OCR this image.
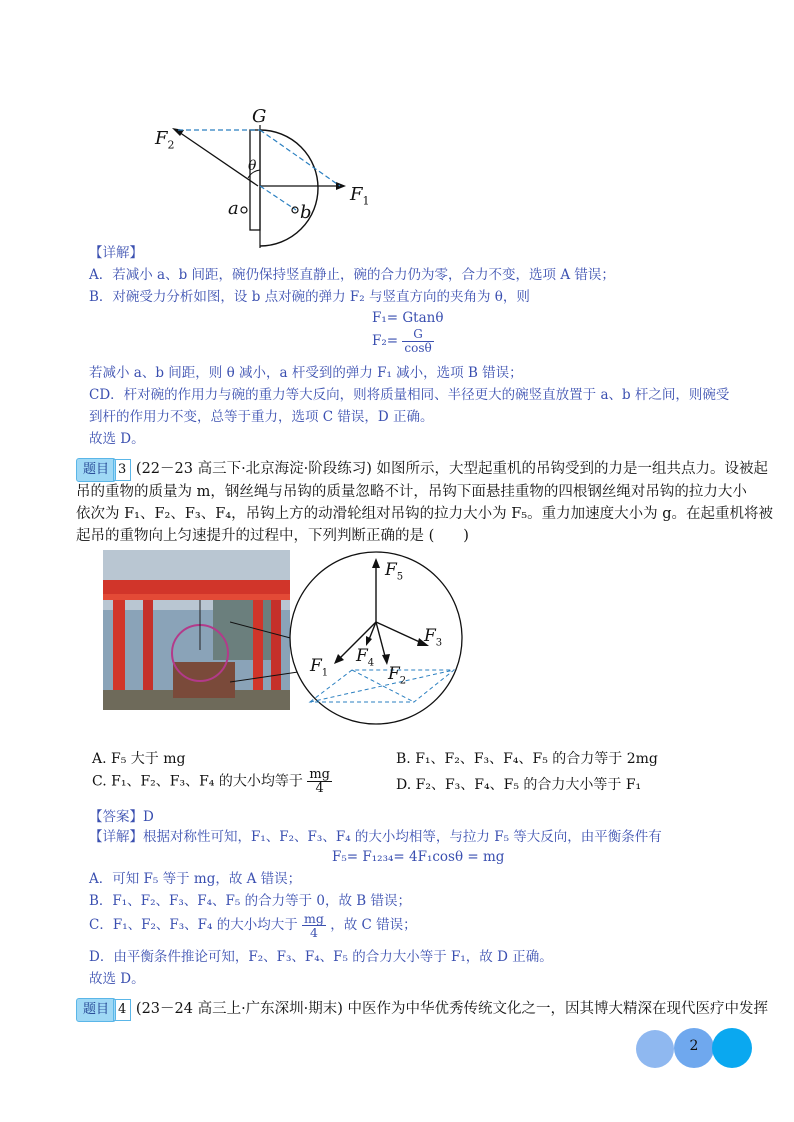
G
$F_2$
$F_1$
θ
a	b
【详解】
A．若减小 a、b 间距，碗仍保持竖直静止，碗的合力仍为零，合力不变，选项 A 错误；
B．对碗受力分析如图，设 b 点对碗的弹力 F₂ 与竖直方向的夹角为 θ，则
F₁= Gtanθ
$F_2= \frac{G}{\cos\theta}$
若减小 a、b 间距，则 θ 减小，a 杆受到的弹力 F₁ 减小，选项 B 错误；
CD．杆对碗的作用力与碗的重力等大反向，则将质量相同、半径更大的碗竖直放置于 a、b 杆之间，则碗受
到杆的作用力不变，总等于重力，选项 C 错误，D 正确。
故选 D。
题目 3 (22－23 高三下·北京海淀·阶段练习) 如图所示，大型起重机的吊钩受到的力是一组共点力。设被起
吊的重物的质量为 m，钢丝绳与吊钩的质量忽略不计，吊钩下面悬挂重物的四根钢丝绳对吊钩的拉力大小
依次为 F₁、F₂、F₃、F₄，吊钩上方的动滑轮组对吊钩的拉力大小为 F₅。重力加速度大小为 g。在起重机将被
起吊的重物向上匀速提升的过程中，下列判断正确的是 (　　)
$F_5$
$F_3$
$F_4$
$F_1$	$F_2$
A. F₅ 大于 mg	B. F₁、F₂、F₃、F₄、F₅ 的合力等于 2mg
C. F₁、F₂、F₃、F₄ 的大小均等于 $\frac{mg}{4}$	D. F₂、F₃、F₄、F₅ 的合力大小等于 F₁
【答案】D
【详解】根据对称性可知，F₁、F₂、F₃、F₄ 的大小均相等，与拉力 F₅ 等大反向，由平衡条件有
F₅= F₁₂₃₄= 4F₁cosθ = mg
A．可知 F₅ 等于 mg，故 A 错误；
B．F₁、F₂、F₃、F₄、F₅ 的合力等于 0，故 B 错误；
C．F₁、F₂、F₃、F₄ 的大小均大于 $\frac{mg}{4}$ ，故 C 错误；
D．由平衡条件推论可知，F₂、F₃、F₄、F₅ 的合力大小等于 F₁，故 D 正确。
故选 D。
题目 4 (23－24 高三上·广东深圳·期末) 中医作为中华优秀传统文化之一，因其博大精深在现代医疗中发挥
2
